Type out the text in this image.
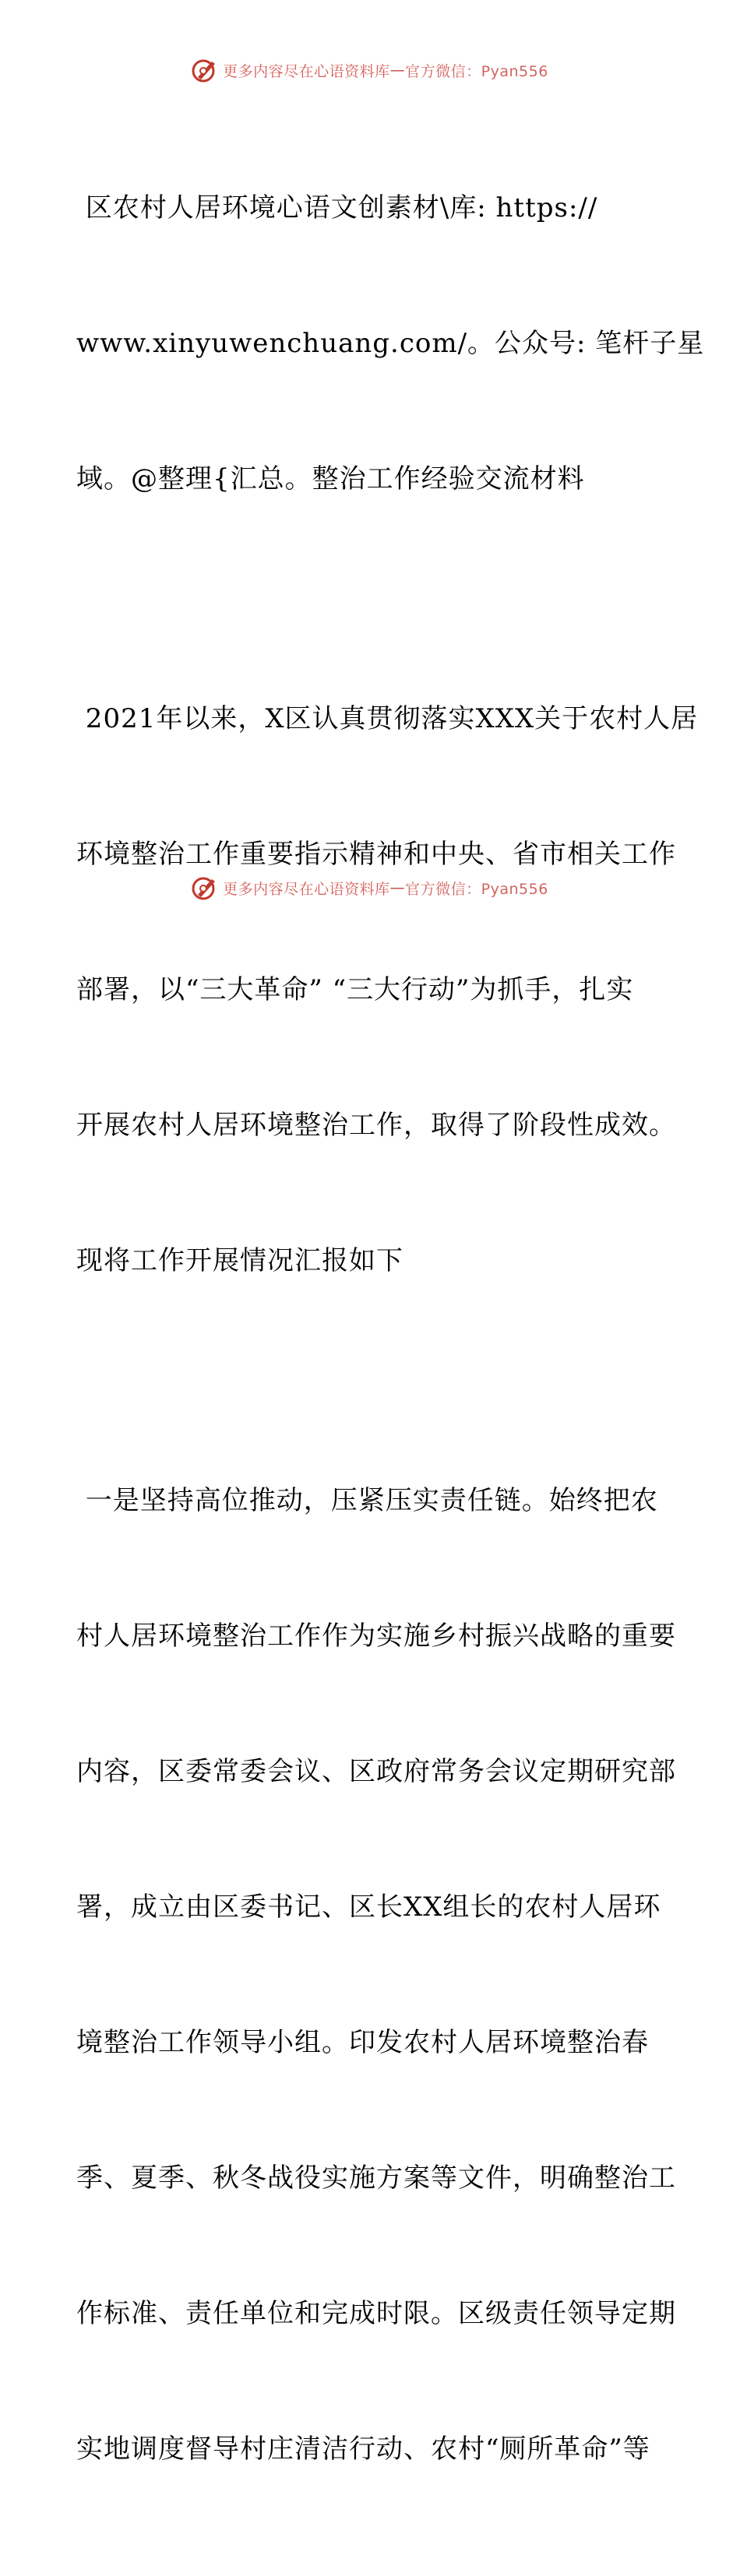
更多内容尽在心语资料库 — 官方微信：Pyan556

区农村人居环境心语文创素材\库: https://

www.xinyuwenchuang.com/。公众号: 笔杆子星

域。@整理{汇总。整治工作经验交流材料

2021年以来，X区认真贯彻落实XXX关于农村人居

环境整治工作重要指示精神和中央、省市相关工作

部署，以“三大革命” “三大行动”为抓手，扎实

开展农村人居环境整治工作，取得了阶段性成效。

现将工作开展情况汇报如下

一是坚持高位推动，压紧压实责任链。始终把农

村人居环境整治工作作为实施乡村振兴战略的重要

内容，区委常委会议、区政府常务会议定期研究部

署，成立由区委书记、区长XX组长的农村人居环

境整治工作领导小组。印发农村人居环境整治春

季、夏季、秋冬战役实施方案等文件，明确整治工

作标准、责任单位和完成时限。区级责任领导定期

实地调度督导村庄清洁行动、农村“厕所革命”等

更多内容尽在心语资料库 — 官方微信：Pyan556
